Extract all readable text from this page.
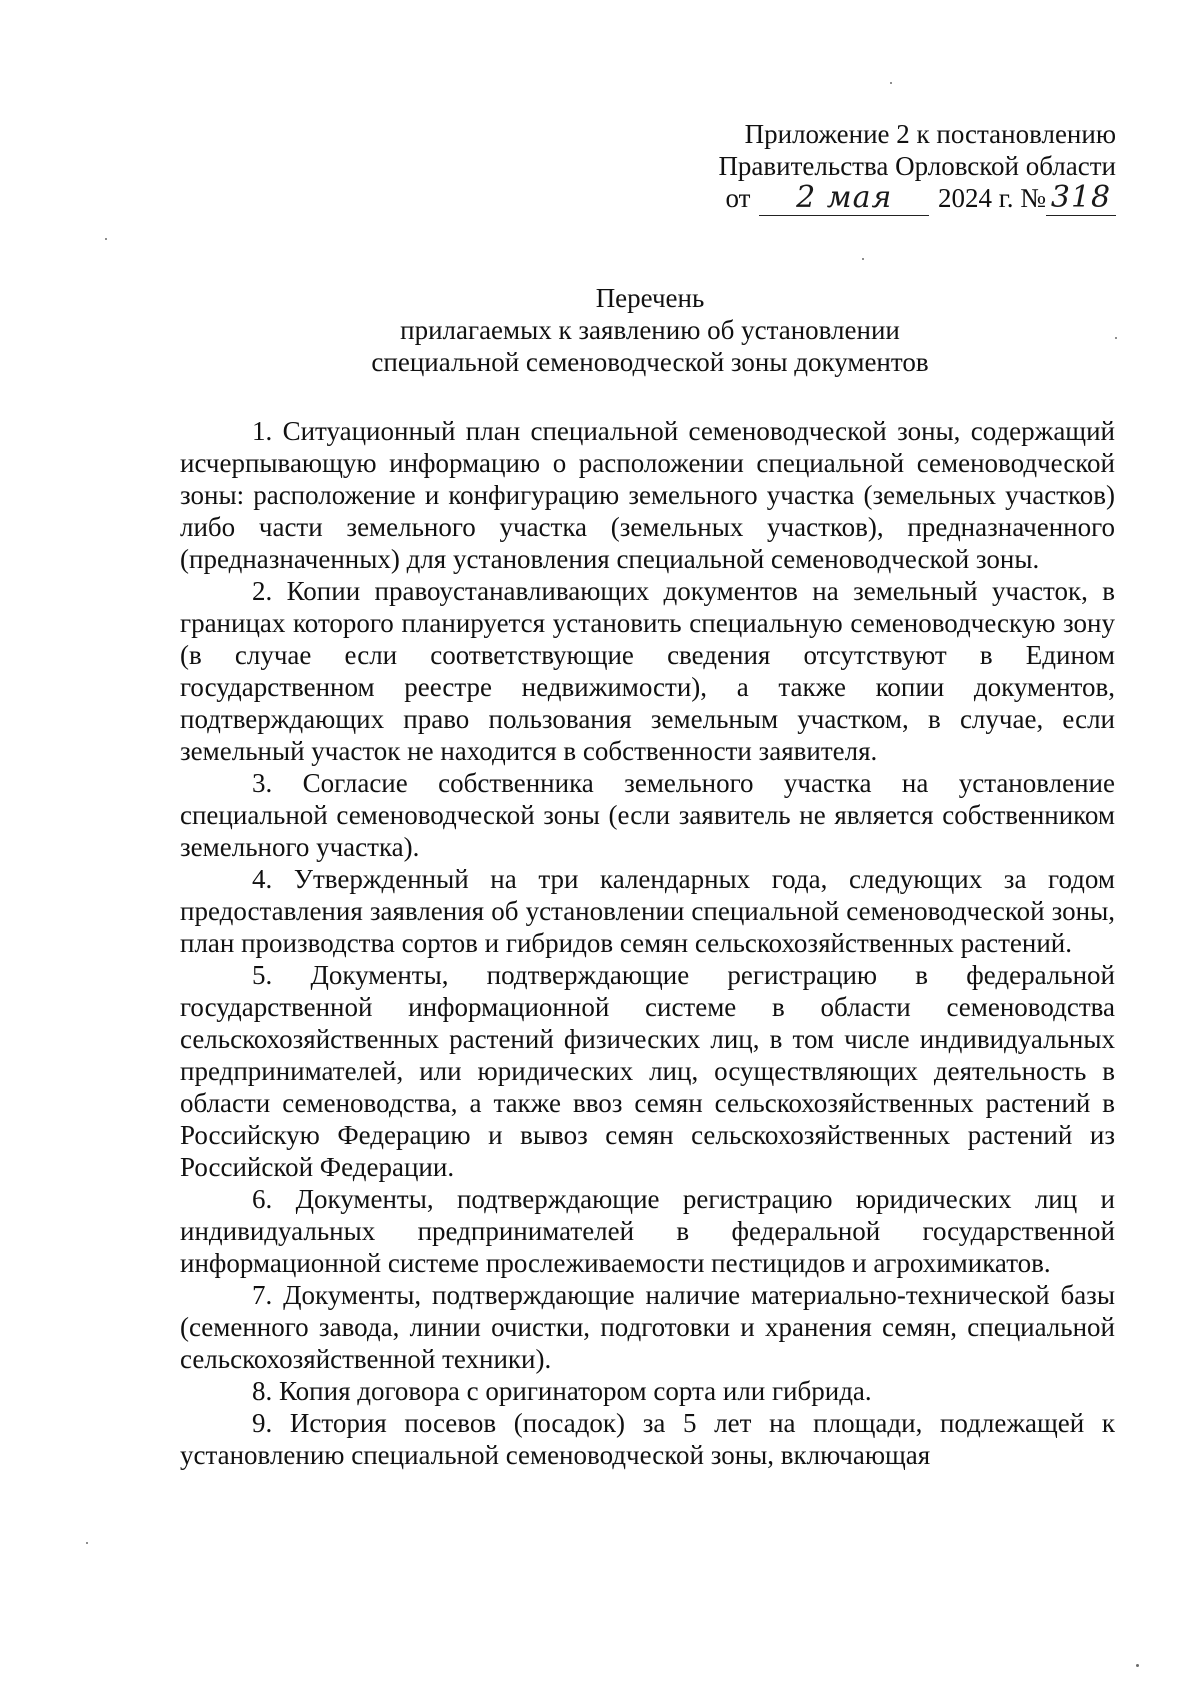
Приложение 2 к постановлению
Правительства Орловской области
от 2 мая 2024 г. № 318
Перечень
прилагаемых к заявлению об установлении
специальной семеноводческой зоны документов

1. Ситуационный план специальной семеноводческой зоны, содержащий исчерпывающую информацию о расположении специальной семеноводческой зоны: расположение и конфигурацию земельного участка (земельных участков) либо части земельного участка (земельных участков), предназначенного (предназначенных) для установления специальной семеноводческой зоны.

2. Копии правоустанавливающих документов на земельный участок, в границах которого планируется установить специальную семеноводческую зону (в случае если соответствующие сведения отсутствуют в Едином государственном реестре недвижимости), а также копии документов, подтверждающих право пользования земельным участком, в случае, если земельный участок не находится в собственности заявителя.

3. Согласие собственника земельного участка на установление специальной семеноводческой зоны (если заявитель не является собственником земельного участка).

4. Утвержденный на три календарных года, следующих за годом предоставления заявления об установлении специальной семеноводческой зоны, план производства сортов и гибридов семян сельскохозяйственных растений.

5. Документы, подтверждающие регистрацию в федеральной государственной информационной системе в области семеноводства сельскохозяйственных растений физических лиц, в том числе индивидуальных предпринимателей, или юридических лиц, осуществляющих деятельность в области семеноводства, а также ввоз семян сельскохозяйственных растений в Российскую Федерацию и вывоз семян сельскохозяйственных растений из Российской Федерации.

6. Документы, подтверждающие регистрацию юридических лиц и индивидуальных предпринимателей в федеральной государственной информационной системе прослеживаемости пестицидов и агрохимикатов.

7. Документы, подтверждающие наличие материально-технической базы (семенного завода, линии очистки, подготовки и хранения семян, специальной сельскохозяйственной техники).

8. Копия договора с оригинатором сорта или гибрида.

9. История посевов (посадок) за 5 лет на площади, подлежащей к установлению специальной семеноводческой зоны, включающая
